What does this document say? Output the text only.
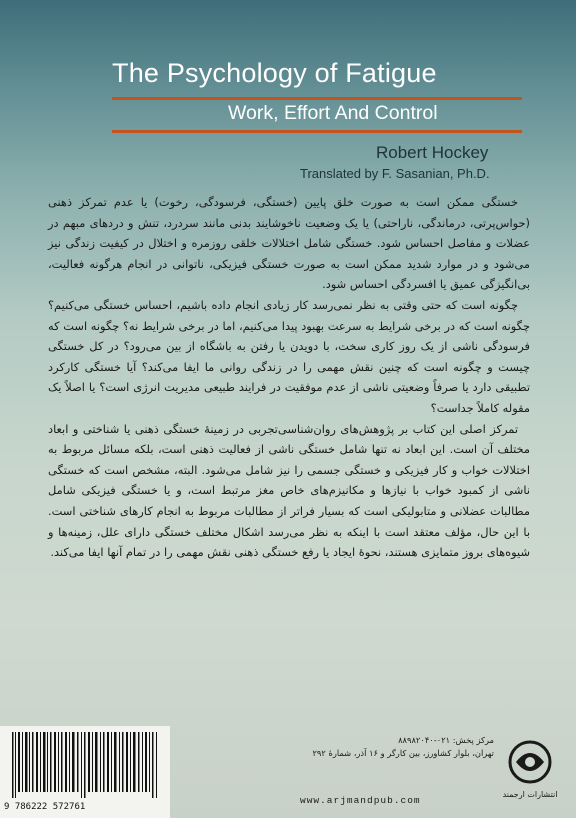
The Psychology of Fatigue
Work, Effort And Control
Robert Hockey
Translated by F. Sasanian, Ph.D.

خستگی ممکن است به صورت خلق پایین (خستگی، فرسودگی، رخوت) یا عدم تمرکز ذهنی (حواس‌پرتی، درماندگی، ناراحتی) یا یک وضعیت ناخوشایند بدنی مانند سردرد، تنش و دردهای مبهم در عضلات و مفاصل احساس شود. خستگی شامل اختلالات خلقی روزمره و اختلال در کیفیت زندگی نیز می‌شود و در موارد شدید ممکن است به صورت خستگی فیزیکی، ناتوانی در انجام هرگونه فعالیت، بی‌انگیزگی عمیق یا افسردگی احساس شود.

چگونه است که حتی وقتی به نظر نمی‌رسد کار زیادی انجام داده باشیم، احساس خستگی می‌کنیم؟ چگونه است که در برخی شرایط به سرعت بهبود پیدا می‌کنیم، اما در برخی شرایط نه؟ چگونه است که فرسودگی ناشی از یک روز کاری سخت، با دویدن یا رفتن به باشگاه از بین می‌رود؟ در کل خستگی چیست و چگونه است که چنین نقش مهمی را در زندگی روانی ما ایفا می‌کند؟ آیا خستگی کارکرد تطبیقی دارد یا صرفاً وضعیتی ناشی از عدم موفقیت در فرایند طبیعی مدیریت انرژی است؟ یا اصلاً یک مقوله کاملاً جداست؟

تمرکز اصلی این کتاب بر پژوهش‌های روان‌شناسی‌تجربی در زمینهٔ خستگی ذهنی یا شناختی و ابعاد مختلف آن است. این ابعاد نه تنها شامل خستگی ناشی از فعالیت ذهنی است، بلکه مسائل مربوط به اختلالات خواب و کار فیزیکی و خستگی جسمی را نیز شامل می‌شود. البته، مشخص است که خستگی ناشی از کمبود خواب با نیازها و مکانیزم‌های خاص مغز مرتبط است، و یا خستگی فیزیکی شامل مطالبات عضلانی و متابولیکی است که بسیار فراتر از مطالبات مربوط به انجام کارهای شناختی است. با این حال، مؤلف معتقد است با اینکه به نظر می‌رسد اشکال مختلف خستگی دارای علل، زمینه‌ها و شیوه‌های بروز متمایزی هستند، نحوهٔ ایجاد یا رفع خستگی ذهنی نقش مهمی را در تمام آنها ایفا می‌کند.

9 786222 572761
مرکز پخش: ۰۲۱-۸۸۹۸۲۰۴۰
تهران، بلوار کشاورز، بین کارگر و ۱۶ آذر، شمارهٔ ۲۹۲
www.arjmandpub.com
انتشارات ارجمند
